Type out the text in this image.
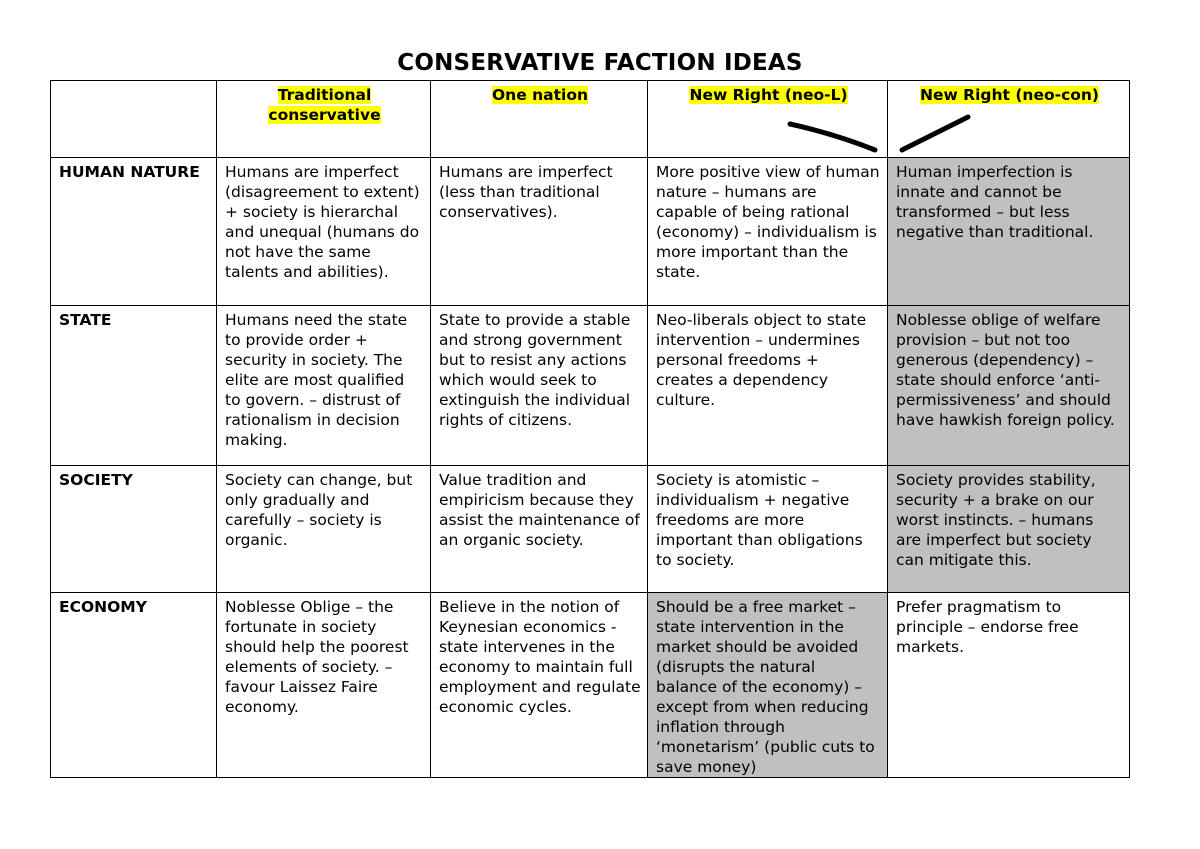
CONSERVATIVE FACTION IDEAS
	Traditional conservative	One nation	New Right (neo-L)	New Right (neo-con)
HUMAN NATURE	Humans are imperfect (disagreement to extent) + society is hierarchal and unequal (humans do not have the same talents and abilities).	Humans are imperfect (less than traditional conservatives).	More positive view of human nature – humans are capable of being rational (economy) – individualism is more important than the state.	Human imperfection is innate and cannot be transformed – but less negative than traditional.
STATE	Humans need the state to provide order + security in society. The elite are most qualified to govern. – distrust of rationalism in decision making.	State to provide a stable and strong government but to resist any actions which would seek to extinguish the individual rights of citizens.	Neo-liberals object to state intervention – undermines personal freedoms + creates a dependency culture.	Noblesse oblige of welfare provision – but not too generous (dependency) – state should enforce ‘anti-permissiveness’ and should have hawkish foreign policy.
SOCIETY	Society can change, but only gradually and carefully – society is organic.	Value tradition and empiricism because they assist the maintenance of an organic society.	Society is atomistic – individualism + negative freedoms are more important than obligations to society.	Society provides stability, security + a brake on our worst instincts. – humans are imperfect but society can mitigate this.
ECONOMY	Noblesse Oblige – the fortunate in society should help the poorest elements of society. – favour Laissez Faire economy.	Believe in the notion of Keynesian economics - state intervenes in the economy to maintain full employment and regulate economic cycles.	Should be a free market – state intervention in the market should be avoided (disrupts the natural balance of the economy) – except from when reducing inflation through ‘monetarism’ (public cuts to save money)	Prefer pragmatism to principle – endorse free markets.
